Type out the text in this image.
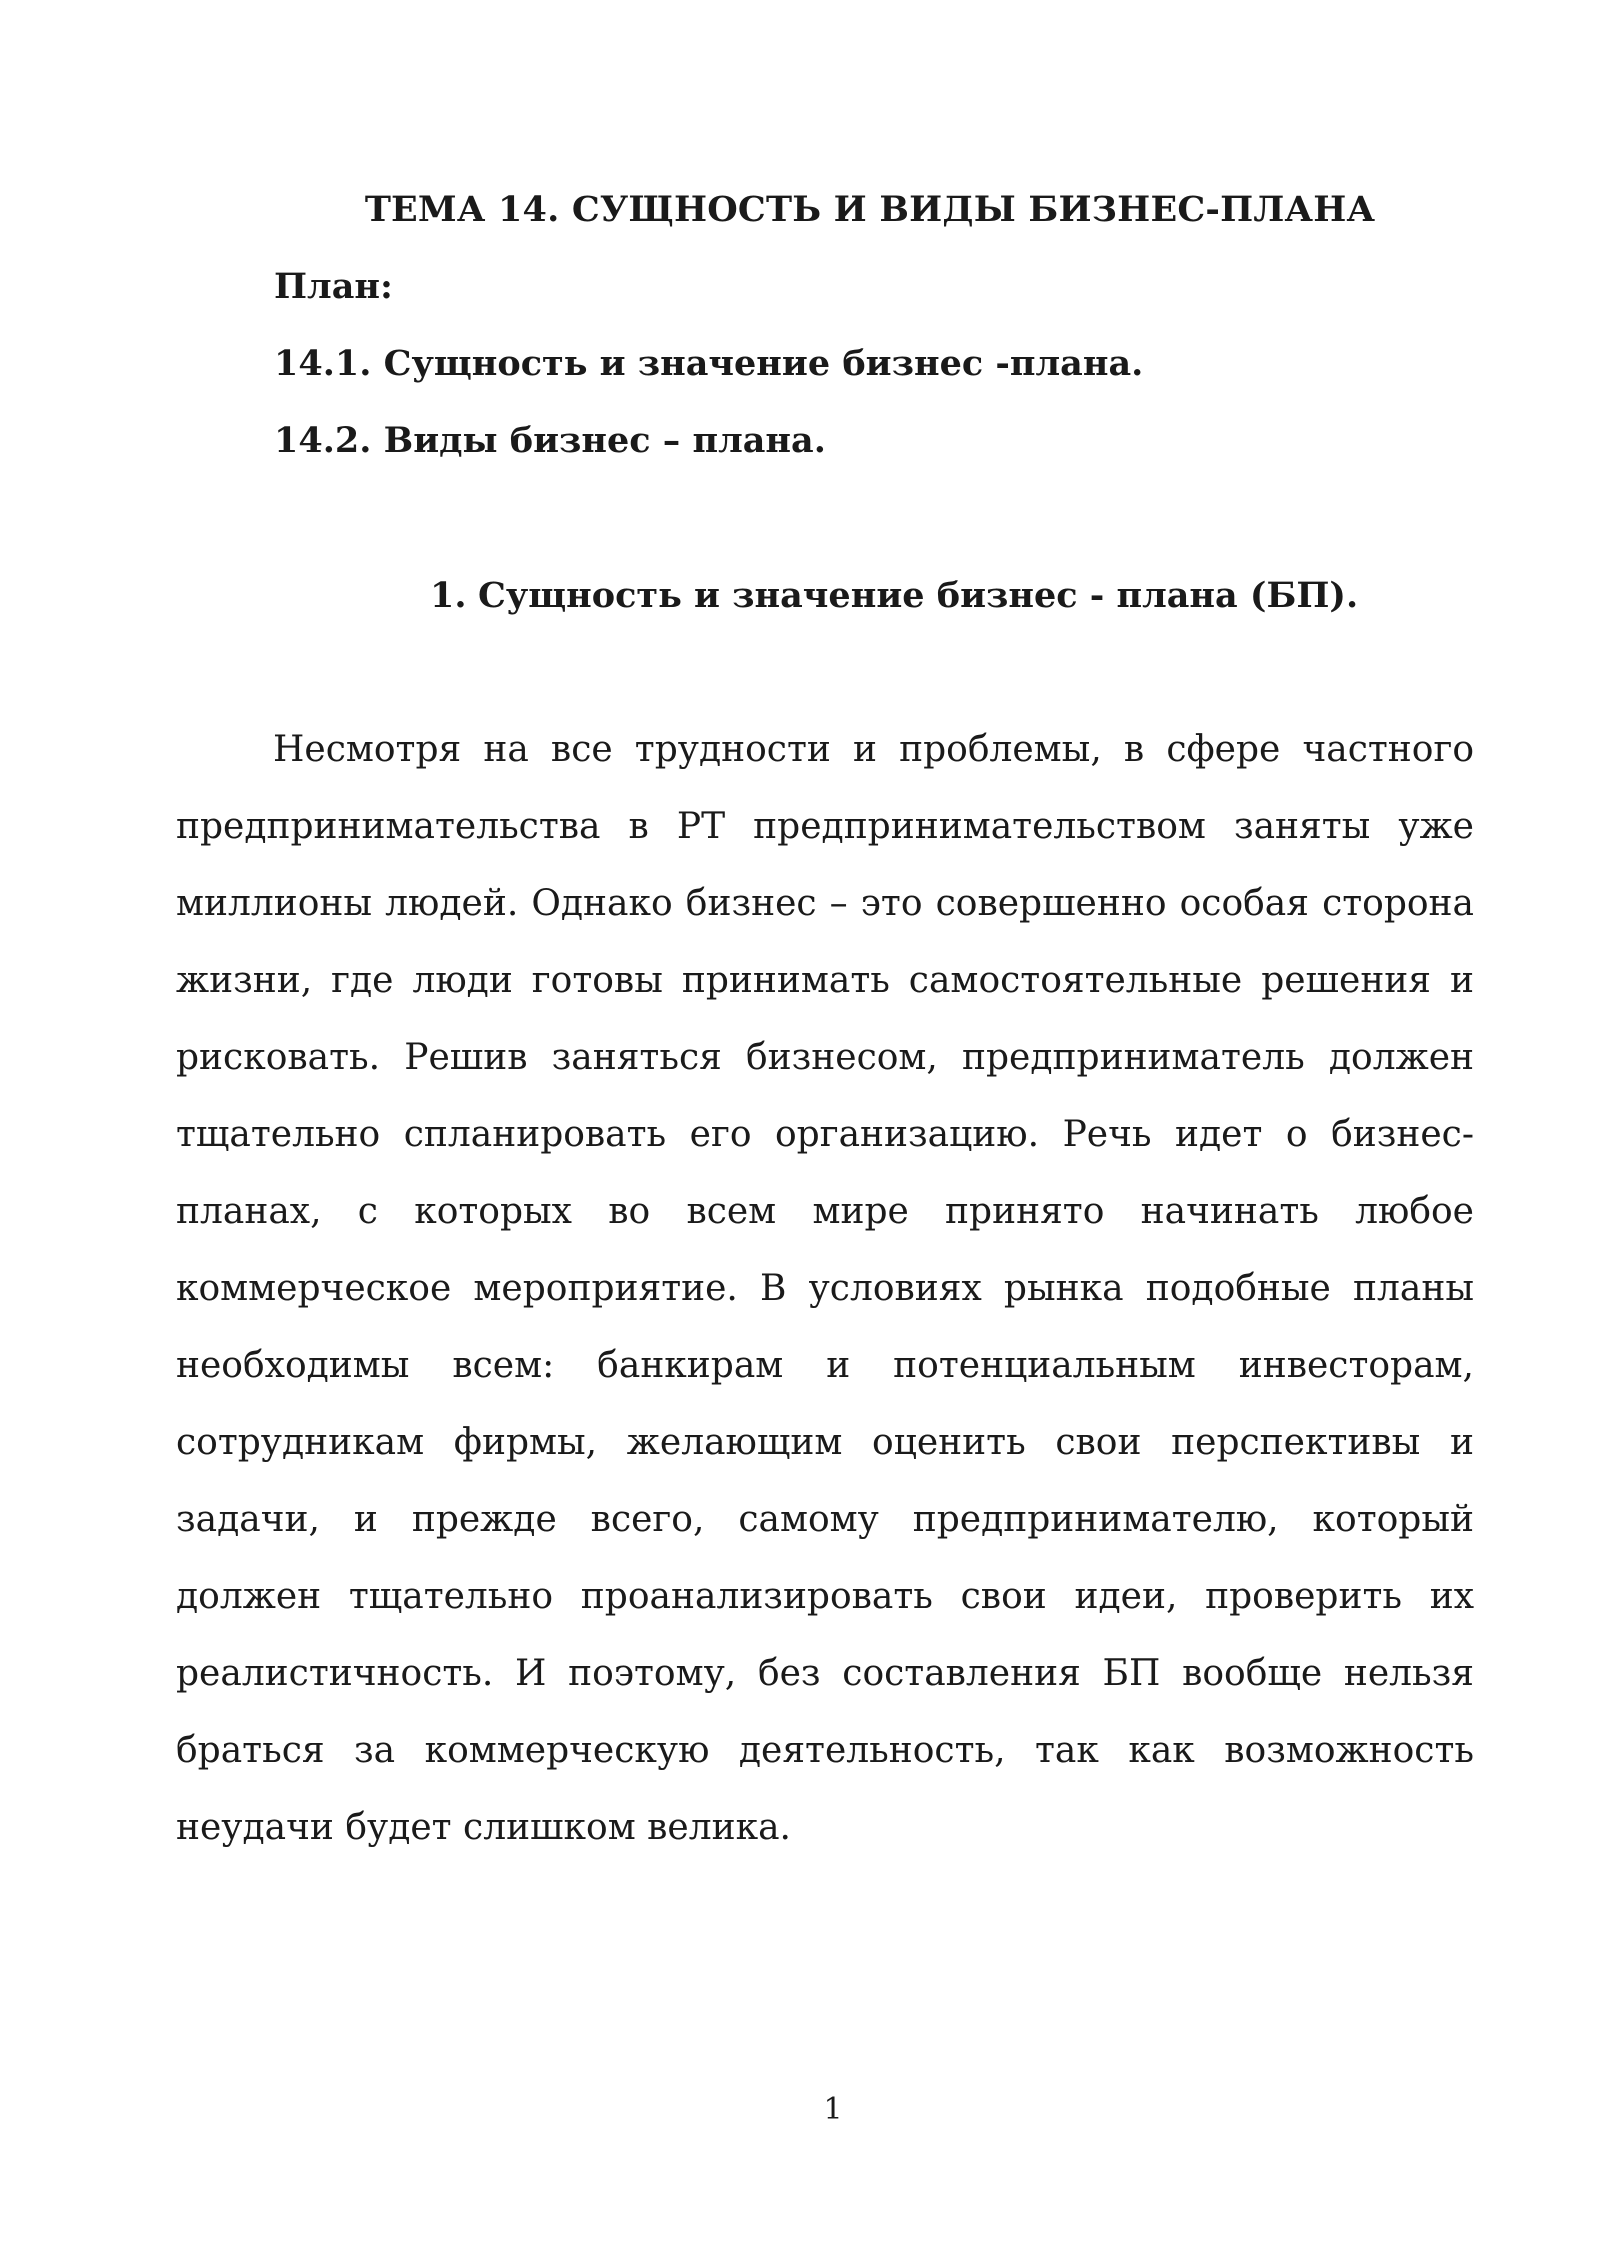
ТЕМА 14. СУЩНОСТЬ И ВИДЫ БИЗНЕС-ПЛАНА
План:
14.1. Сущность и значение бизнес -плана.
14.2. Виды бизнес – плана.
1. Сущность и значение бизнес - плана (БП).
Несмотря на все трудности и проблемы, в сфере частного
предпринимательства в РТ предпринимательством заняты уже
миллионы людей. Однако бизнес – это совершенно особая сторона
жизни, где люди готовы принимать самостоятельные решения и
рисковать. Решив заняться бизнесом, предприниматель должен
тщательно спланировать его организацию. Речь идет о бизнес-
планах, с которых во всем мире принято начинать любое
коммерческое мероприятие. В условиях рынка подобные планы
необходимы всем: банкирам и потенциальным инвесторам,
сотрудникам фирмы, желающим оценить свои перспективы и
задачи, и прежде всего, самому предпринимателю, который
должен тщательно проанализировать свои идеи, проверить их
реалистичность. И поэтому, без составления БП вообще нельзя
браться за коммерческую деятельность, так как возможность
неудачи будет слишком велика.
1
